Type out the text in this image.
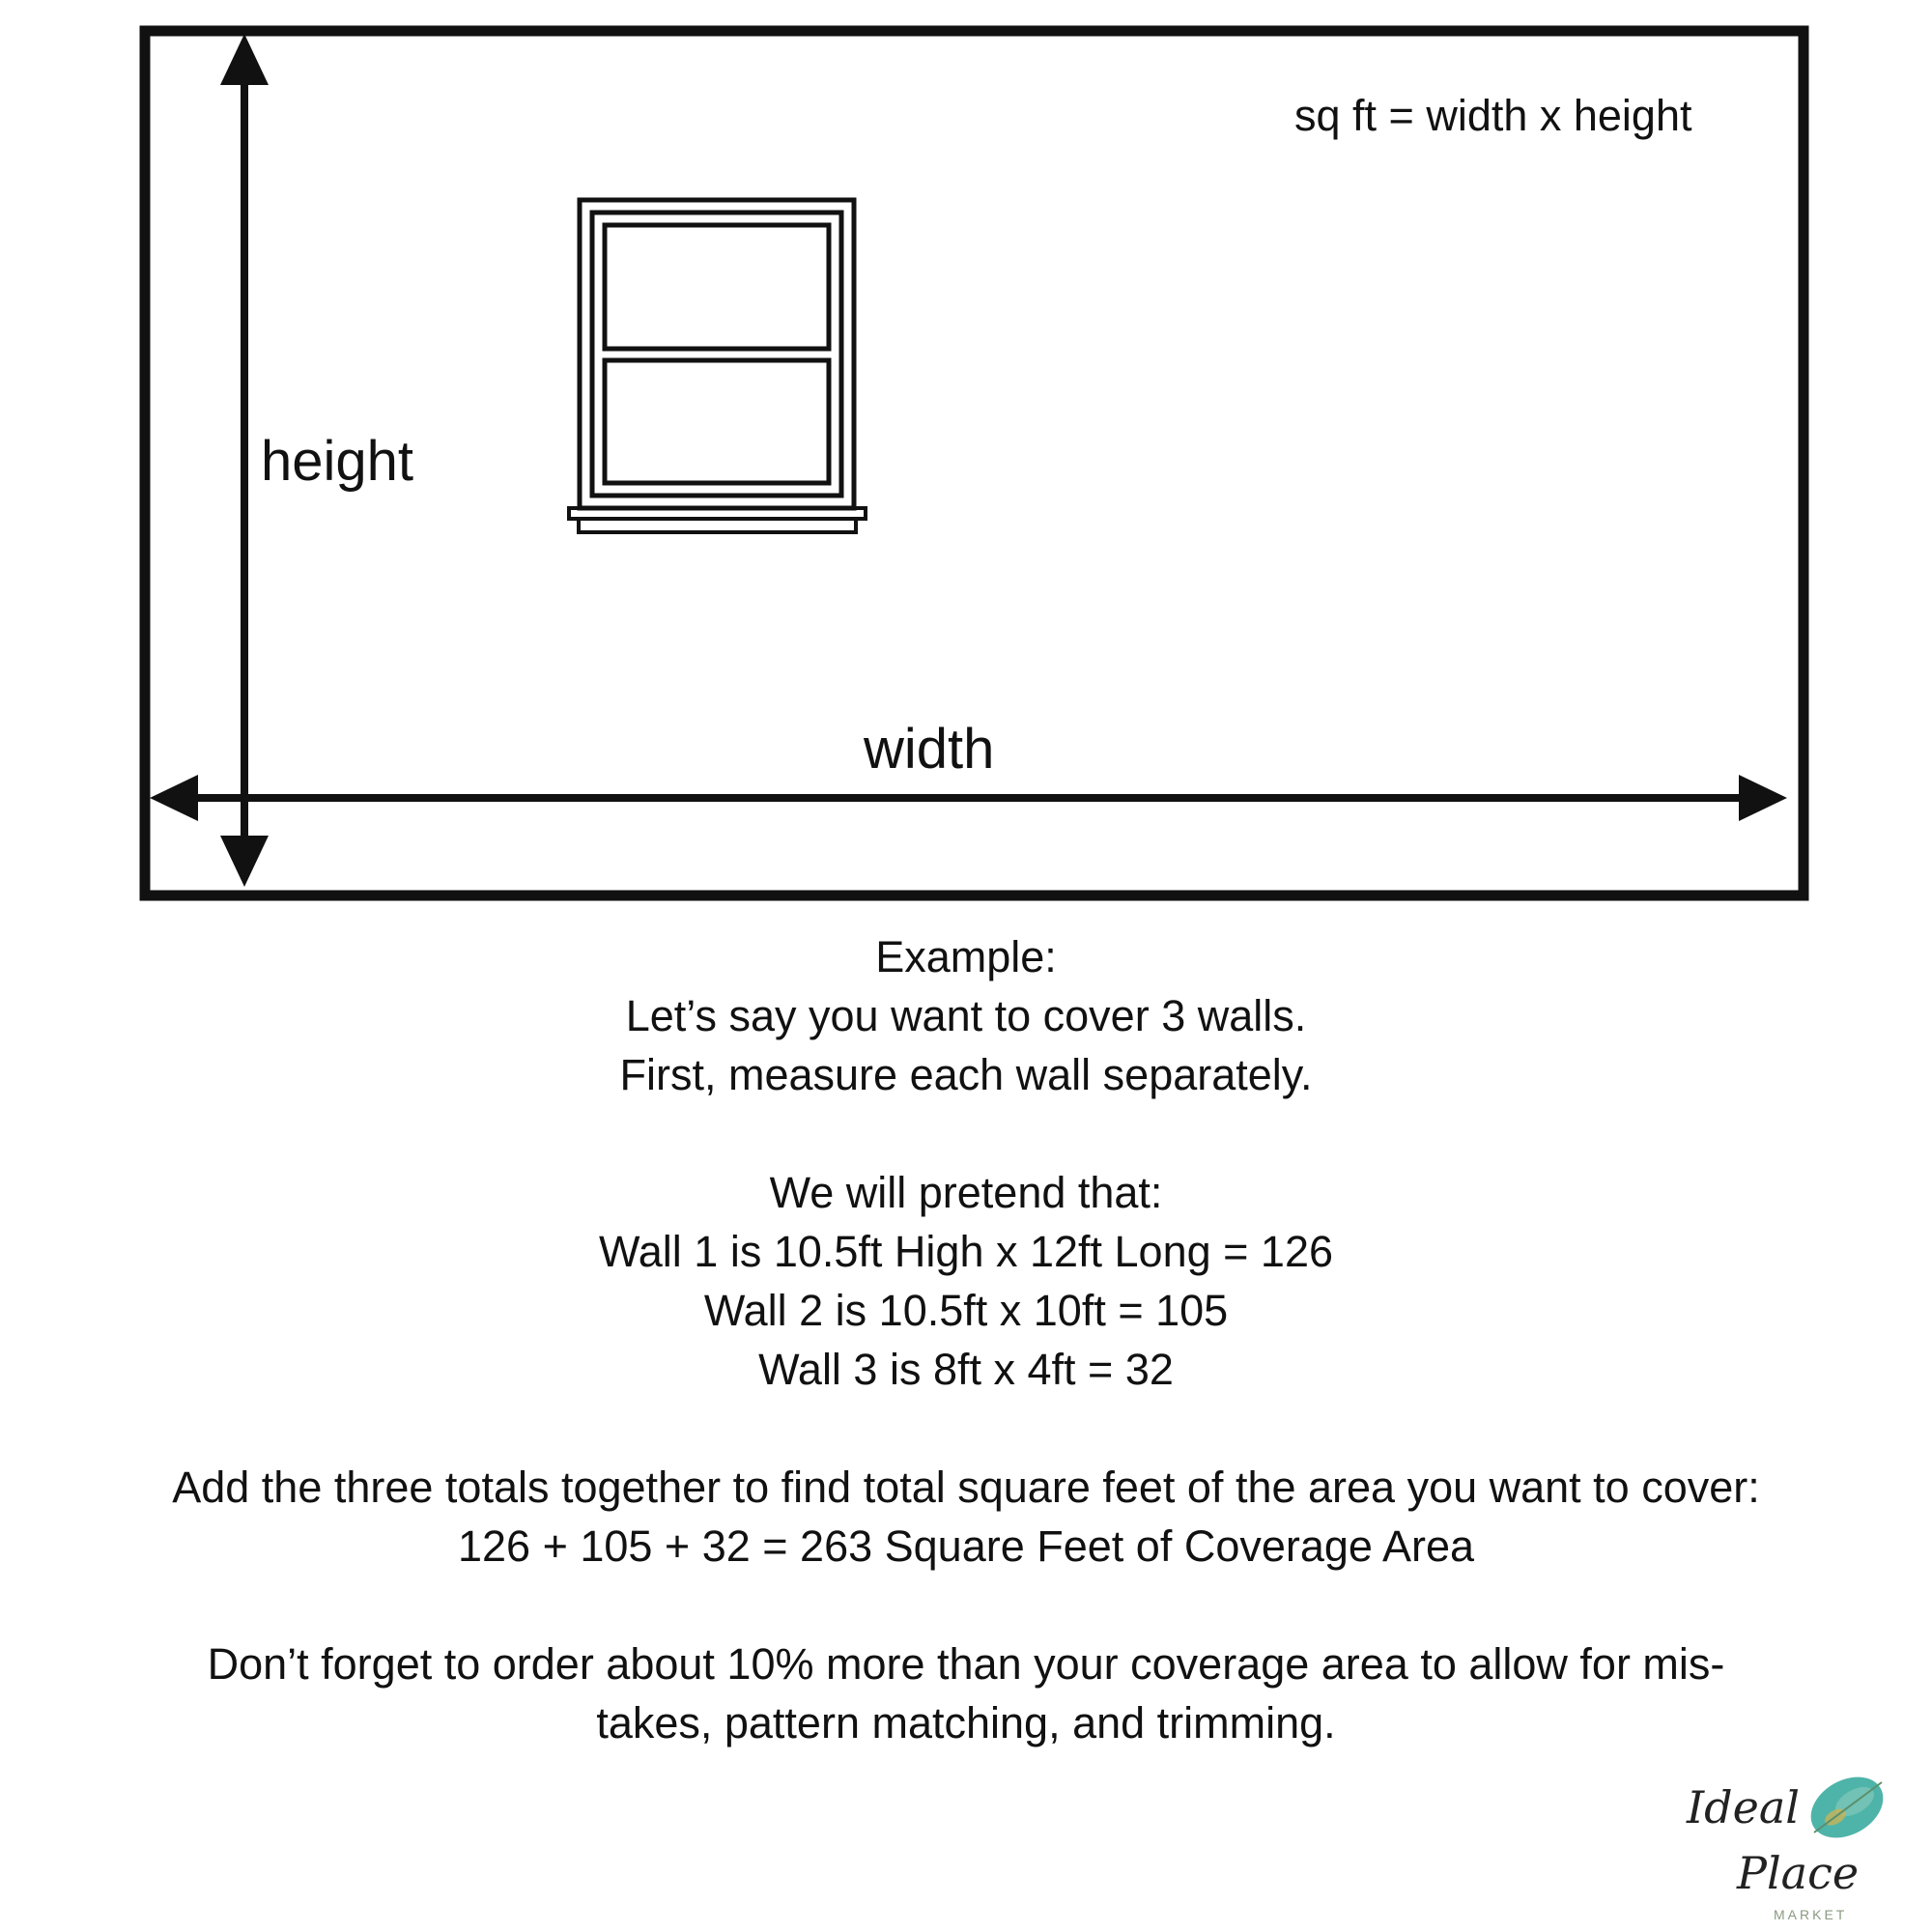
sq ft = width x height
height
width

Example:

Let’s say you want to cover 3 walls.

First, measure each wall separately.

We will pretend that:

Wall 1 is 10.5ft High x 12ft Long = 126

Wall 2 is 10.5ft x 10ft = 105

Wall 3 is 8ft x 4ft = 32

Add the three totals together to find total square feet of the area you want to cover:

126 + 105 + 32 = 263 Square Feet of Coverage Area

Don’t forget to order about 10% more than your coverage area to allow for mis-

takes, pattern matching, and trimming.

Ideal
Place
MARKET
